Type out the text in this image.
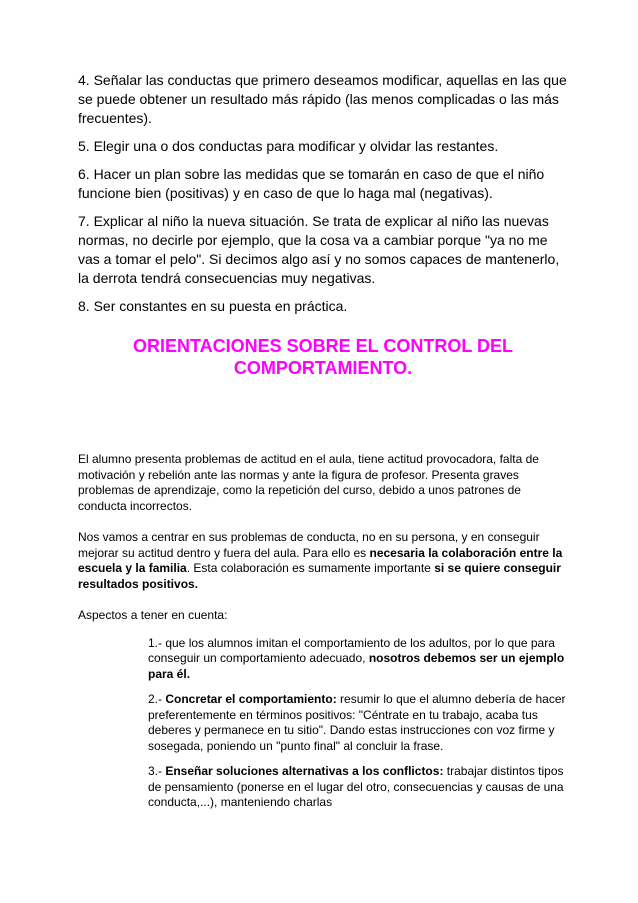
4. Señalar las conductas que primero deseamos modificar, aquellas en las que se puede obtener un resultado más rápido (las menos complicadas o las más frecuentes).

5. Elegir una o dos conductas para modificar y olvidar las restantes.

6. Hacer un plan sobre las medidas que se tomarán en caso de que el niño funcione bien (positivas) y en caso de que lo haga mal (negativas).

7. Explicar al niño la nueva situación. Se trata de explicar al niño las nuevas normas, no decirle por ejemplo, que la cosa va a cambiar porque "ya no me vas a tomar el pelo". Si decimos algo así y no somos capaces de mantenerlo, la derrota tendrá consecuencias muy negativas.

8. Ser constantes en su puesta en práctica.

ORIENTACIONES SOBRE EL CONTROL DEL
COMPORTAMIENTO.

El alumno presenta problemas de actitud en el aula, tiene actitud provocadora, falta de motivación y rebelión ante las normas y ante la figura de profesor. Presenta graves problemas de aprendizaje, como la repetición del curso, debido a unos patrones de conducta incorrectos.

Nos vamos a centrar en sus problemas de conducta, no en su persona, y en conseguir mejorar su actitud dentro y fuera del aula. Para ello es necesaria la colaboración entre la escuela y la familia. Esta colaboración es sumamente importante si se quiere conseguir resultados positivos.

Aspectos a tener en cuenta:

1.- que los alumnos imitan el comportamiento de los adultos, por lo que para conseguir un comportamiento adecuado, nosotros debemos ser un ejemplo para él.

2.- Concretar el comportamiento: resumir lo que el alumno debería de hacer preferentemente en términos positivos: "Céntrate en tu trabajo, acaba tus deberes y permanece en tu sitio". Dando estas instrucciones con voz firme y sosegada, poniendo un "punto final" al concluir la frase.

3.- Enseñar soluciones alternativas a los conflictos: trabajar distintos tipos de pensamiento (ponerse en el lugar del otro, consecuencias y causas de una conducta,...), manteniendo charlas
